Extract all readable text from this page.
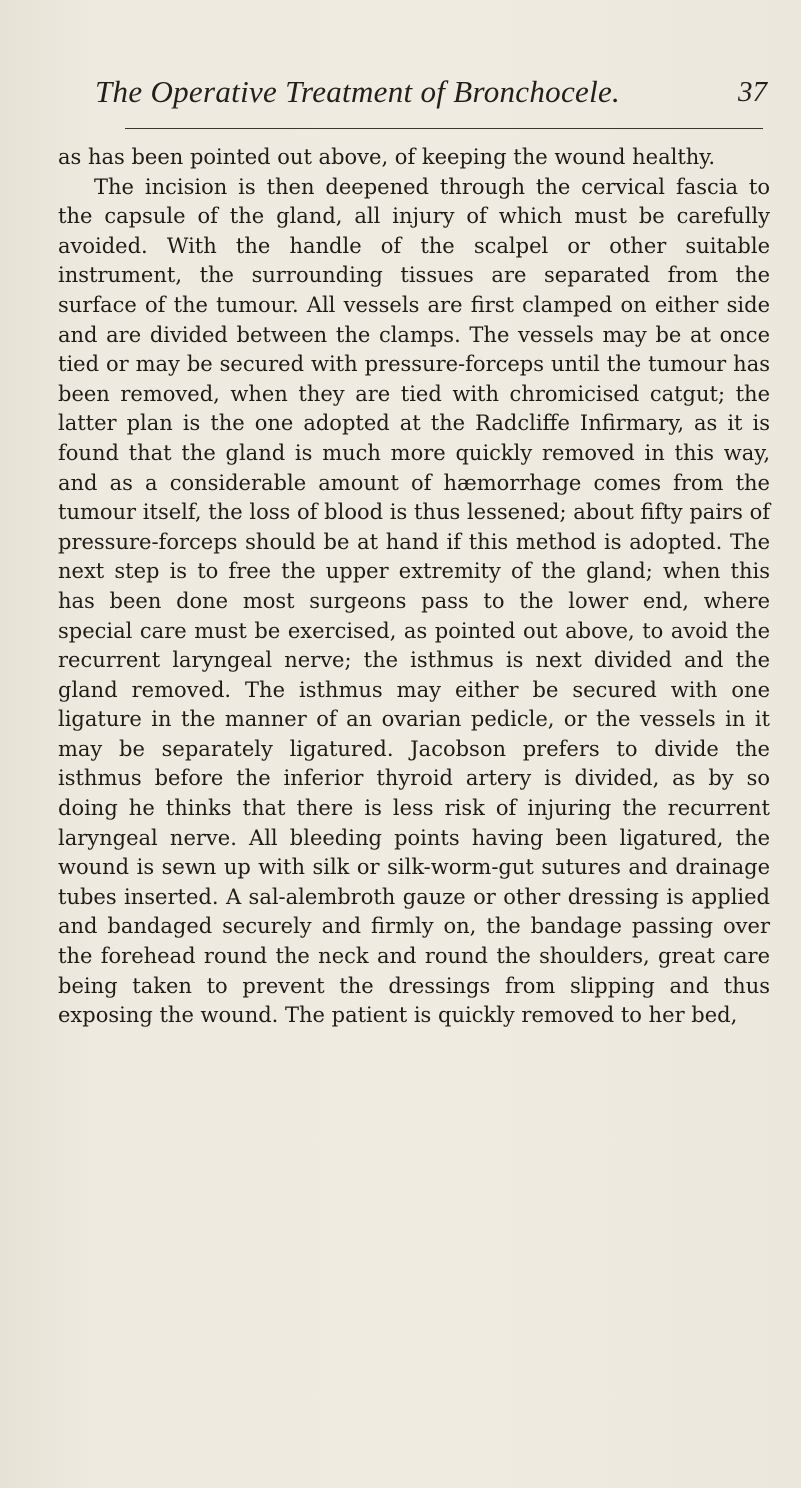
The Operative Treatment of Bronchocele.	37

as has been pointed out above, of keeping the wound healthy.

The incision is then deepened through the cervical fascia to the capsule of the gland, all injury of which must be carefully avoided. With the handle of the scalpel or other suitable instrument, the surrounding tissues are separated from the surface of the tumour. All vessels are first clamped on either side and are divided between the clamps. The vessels may be at once tied or may be secured with pressure-forceps until the tumour has been removed, when they are tied with chromicised catgut; the latter plan is the one adopted at the Radcliffe Infirmary, as it is found that the gland is much more quickly removed in this way, and as a considerable amount of hæmorrhage comes from the tumour itself, the loss of blood is thus lessened; about fifty pairs of pressure-forceps should be at hand if this method is adopted. The next step is to free the upper extremity of the gland; when this has been done most surgeons pass to the lower end, where special care must be exercised, as pointed out above, to avoid the recurrent laryngeal nerve; the isthmus is next divided and the gland removed. The isthmus may either be secured with one ligature in the manner of an ovarian pedicle, or the vessels in it may be separately ligatured. Jacobson prefers to divide the isthmus before the inferior thyroid artery is divided, as by so doing he thinks that there is less risk of injuring the recurrent laryngeal nerve. All bleeding points having been ligatured, the wound is sewn up with silk or silk-worm-gut sutures and drainage tubes inserted. A sal-alembroth gauze or other dressing is applied and bandaged securely and firmly on, the bandage passing over the forehead round the neck and round the shoulders, great care being taken to prevent the dressings from slipping and thus exposing the wound. The patient is quickly removed to her bed,
